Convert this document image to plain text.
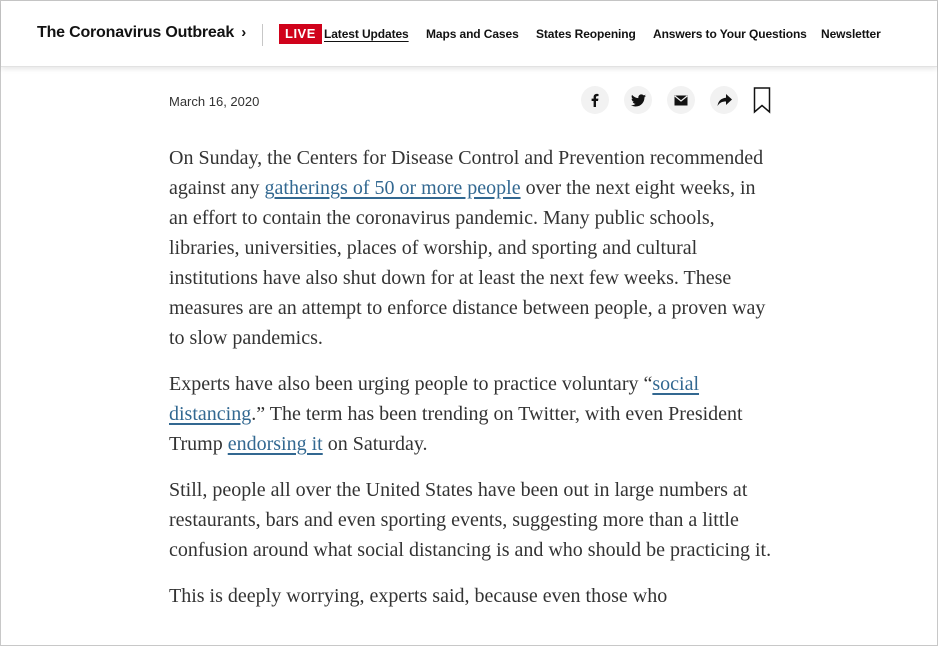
The Coronavirus Outbreak ›	LIVE Latest Updates Maps and Cases States Reopening Answers to Your Questions Newsletter
March 16, 2020

On Sunday, the Centers for Disease Control and Prevention recommended against any gatherings of 50 or more people over the next eight weeks, in an effort to contain the coronavirus pandemic. Many public schools, libraries, universities, places of worship, and sporting and cultural institutions have also shut down for at least the next few weeks. These measures are an attempt to enforce distance between people, a proven way to slow pandemics.

Experts have also been urging people to practice voluntary “social distancing.” The term has been trending on Twitter, with even President Trump endorsing it on Saturday.

Still, people all over the United States have been out in large numbers at restaurants, bars and even sporting events, suggesting more than a little confusion around what social distancing is and who should be practicing it.

This is deeply worrying, experts said, because even those who
